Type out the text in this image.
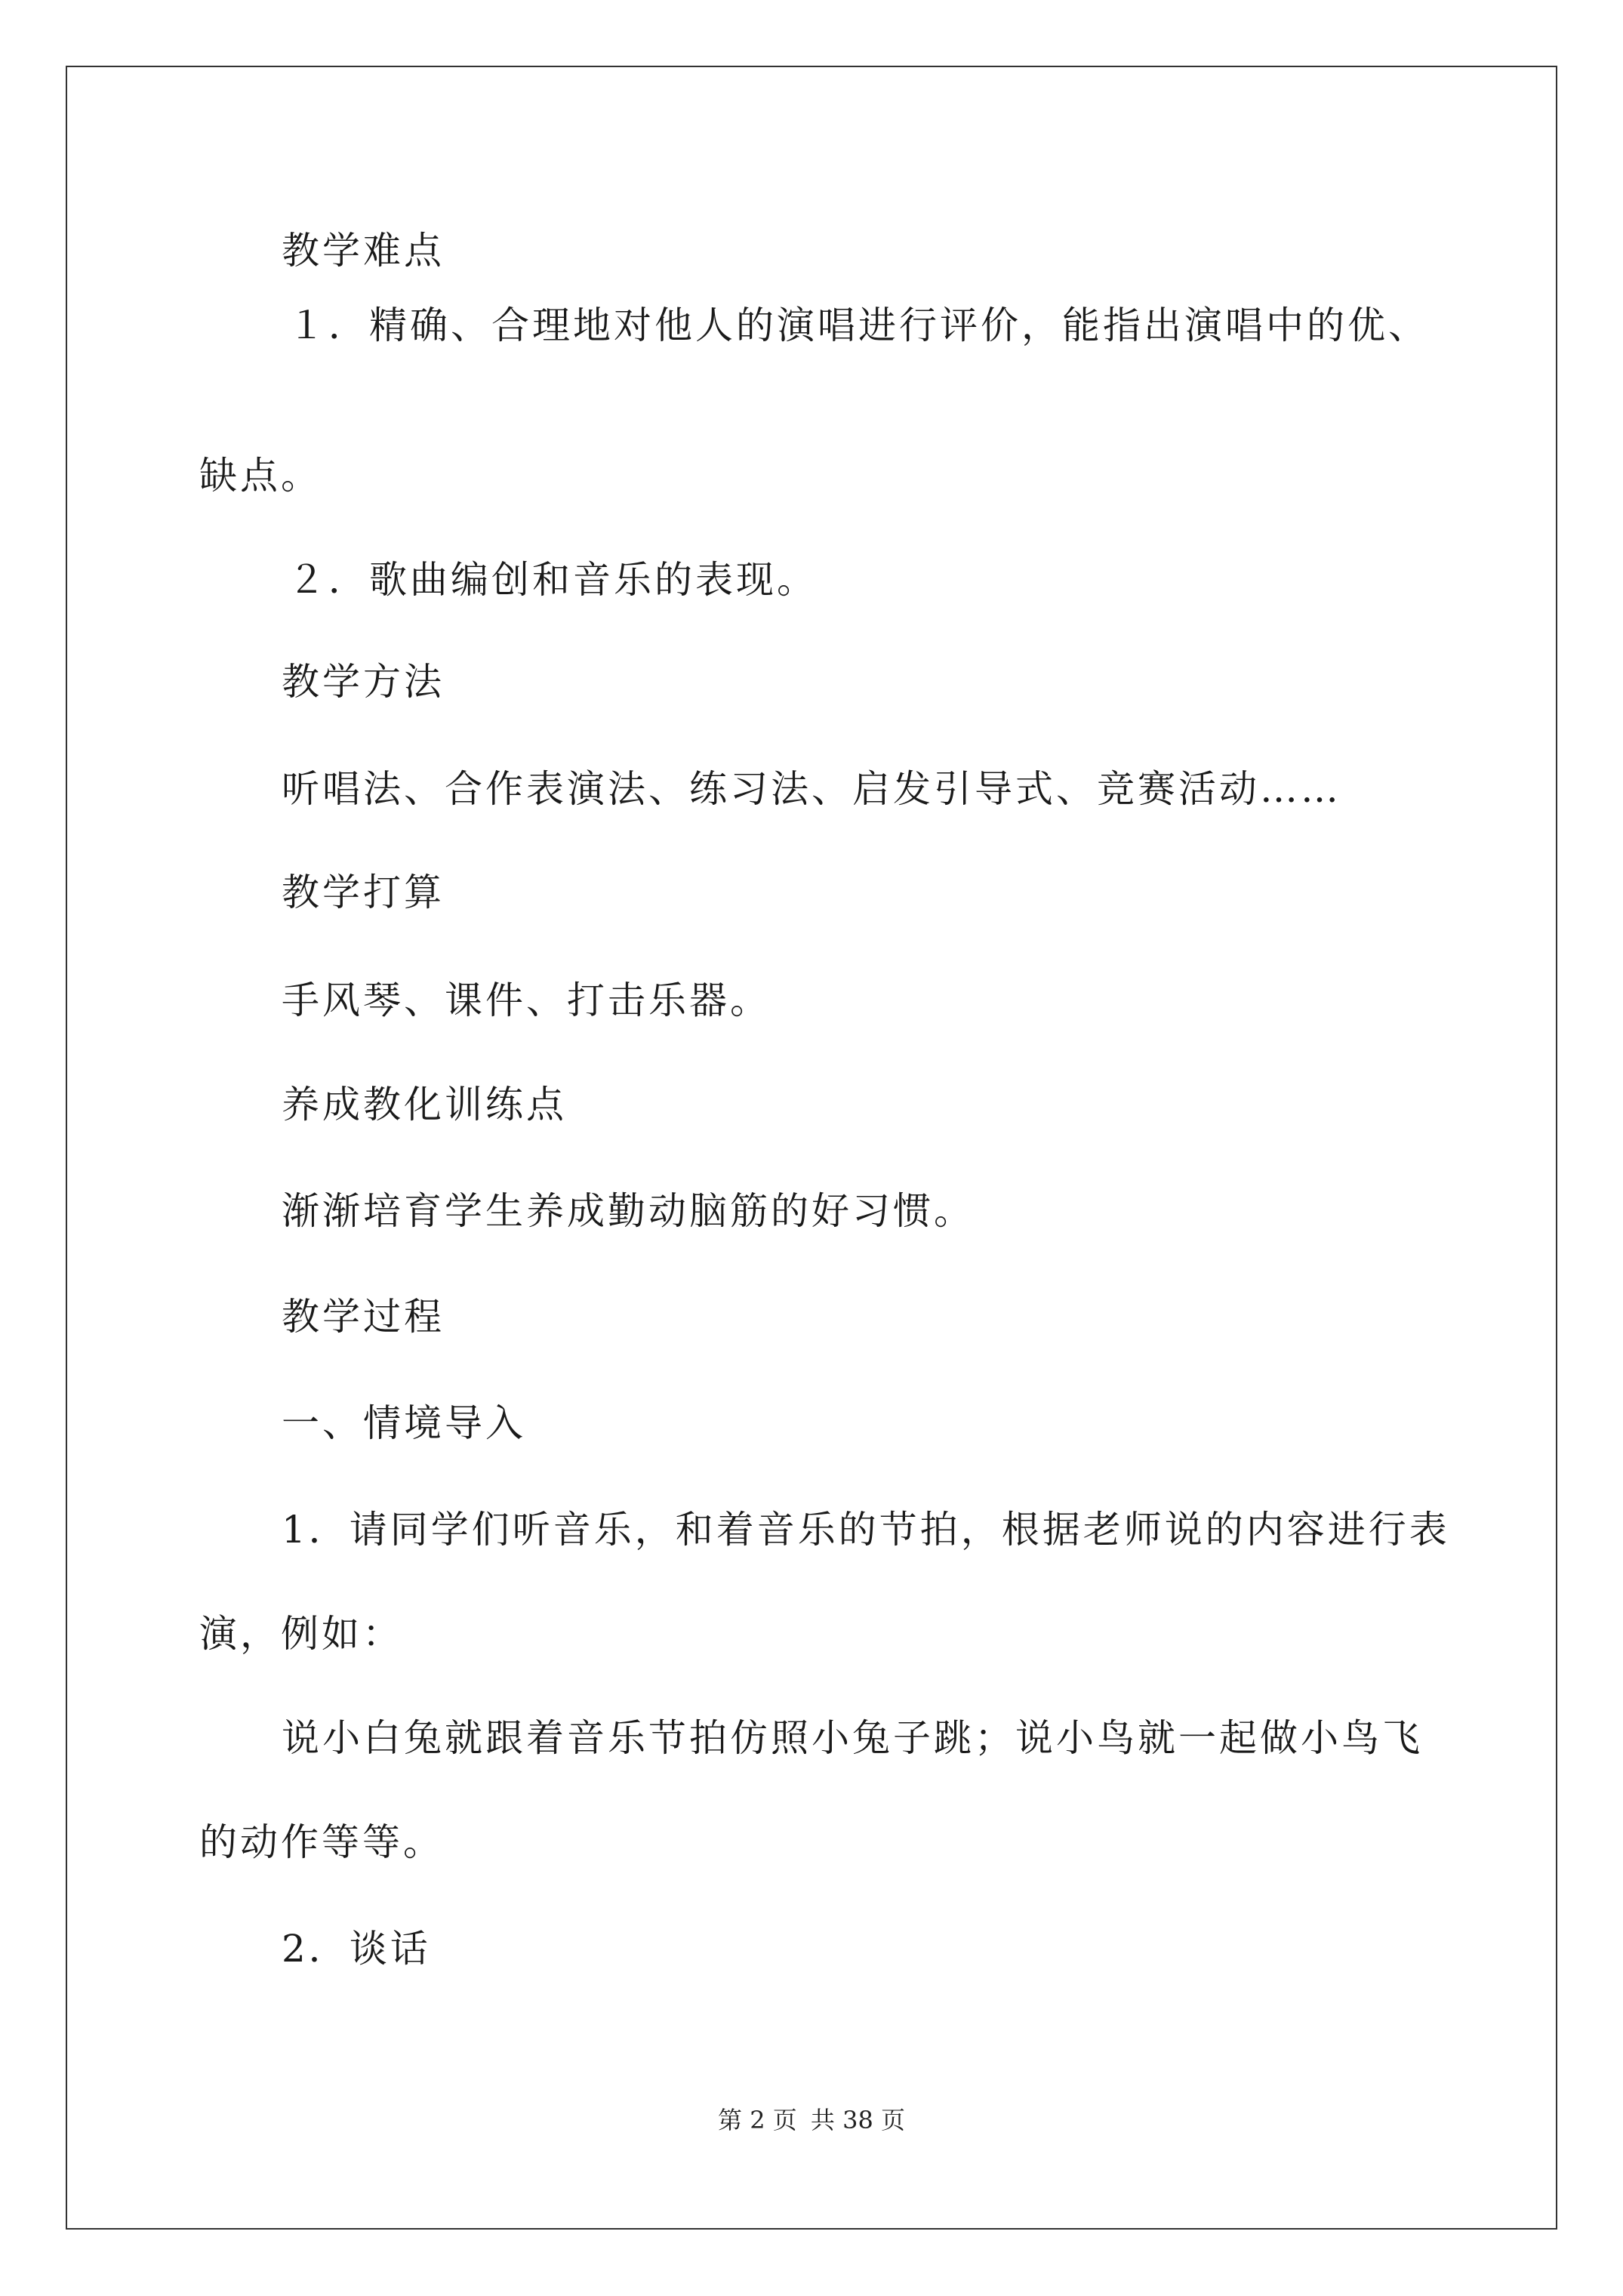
教学难点
１．精确、合理地对他人的演唱进行评价，能指出演唱中的优、
缺点。
２．歌曲编创和音乐的表现。
教学方法
听唱法、合作表演法、练习法、启发引导式、竞赛活动……
教学打算
手风琴、课件、打击乐器。
养成教化训练点
渐渐培育学生养成勤动脑筋的好习惯。
教学过程
一、情境导入
1．请同学们听音乐，和着音乐的节拍，根据老师说的内容进行表
演，例如：
说小白兔就跟着音乐节拍仿照小兔子跳；说小鸟就一起做小鸟飞
的动作等等。
2．谈话
第 2 页 共 38 页
